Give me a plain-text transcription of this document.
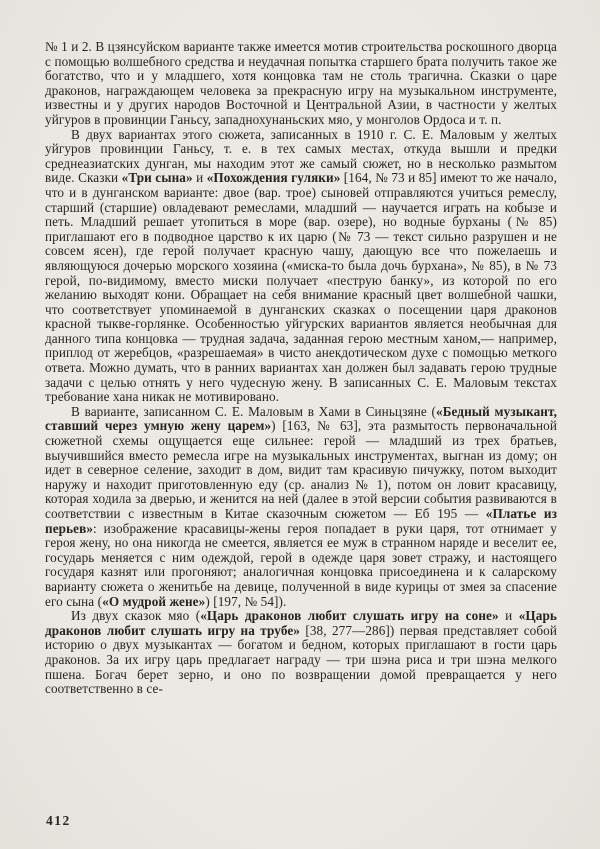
№ 1 и 2. В цзянсуйском варианте также имеется мотив строительства роскошного дворца с помощью волшебного средства и неудачная попытка старшего брата получить такое же богатство, что и у младшего, хотя концовка там не столь трагична. Сказки о царе драконов, награждающем человека за прекрасную игру на музыкальном инструменте, известны и у других народов Восточной и Центральной Азии, в частности у желтых уйгуров в провинции Ганьсу, западнохунаньских мяо, у монголов Ордоса и т. п.

В двух вариантах этого сюжета, записанных в 1910 г. С. Е. Маловым у желтых уйгуров провинции Ганьсу, т. е. в тех самых местах, откуда вышли и предки среднеазиатских дунган, мы находим этот же самый сюжет, но в несколько размытом виде. Сказки «Три сына» и «Похождения гуляки» [164, № 73 и 85] имеют то же начало, что и в дунганском варианте: двое (вар. трое) сыновей отправляются учиться ремеслу, старший (старшие) овладевают ремеслами, младший — научается играть на кобызе и петь. Младший решает утопиться в море (вар. озере), но водные бурханы (№ 85) приглашают его в подводное царство к их царю (№ 73 — текст сильно разрушен и не совсем ясен), где герой получает красную чашу, дающую все что пожелаешь и являющуюся дочерью морского хозяина («миска-то была дочь бурхана», № 85), в № 73 герой, по-видимому, вместо миски получает «пеструю банку», из которой по его желанию выходят кони. Обращает на себя внимание красный цвет волшебной чашки, что соответствует упоминаемой в дунганских сказках о посещении царя драконов красной тыкве-горлянке. Особенностью уйгурских вариантов является необычная для данного типа концовка — трудная задача, заданная герою местным ханом,— например, приплод от жеребцов, «разрешаемая» в чисто анекдотическом духе с помощью меткого ответа. Можно думать, что в ранних вариантах хан должен был задавать герою трудные задачи с целью отнять у него чудесную жену. В записанных С. Е. Маловым текстах требование хана никак не мотивировано.

В варианте, записанном С. Е. Маловым в Хами в Синьцзяне («Бедный музыкант, ставший через умную жену царем») [163, № 63], эта размытость первоначальной сюжетной схемы ощущается еще сильнее: герой — младший из трех братьев, выучившийся вместо ремесла игре на музыкальных инструментах, выгнан из дому; он идет в северное селение, заходит в дом, видит там красивую пичужку, потом выходит наружу и находит приготовленную еду (ср. анализ № 1), потом он ловит красавицу, которая ходила за дверью, и женится на ней (далее в этой версии события развиваются в соответствии с известным в Китае сказочным сюжетом — Еб 195 — «Платье из перьев»: изображение красавицы-жены героя попадает в руки царя, тот отнимает у героя жену, но она никогда не смеется, является ее муж в странном наряде и веселит ее, государь меняется с ним одеждой, герой в одежде царя зовет стражу, и настоящего государя казнят или прогоняют; аналогичная концовка присоединена и к саларскому варианту сюжета о женитьбе на девице, полученной в виде курицы от змея за спасение его сына («О мудрой жене») [197, № 54]).

Из двух сказок мяо («Царь драконов любит слушать игру на соне» и «Царь драконов любит слушать игру на трубе» [38, 277—286]) первая представляет собой историю о двух музыкантах — богатом и бедном, которых приглашают в гости царь драконов. За их игру царь предлагает награду — три шэна риса и три шэна мелкого пшена. Богач берет зерно, и оно по возвращении домой превращается у него соответственно в се-

412
